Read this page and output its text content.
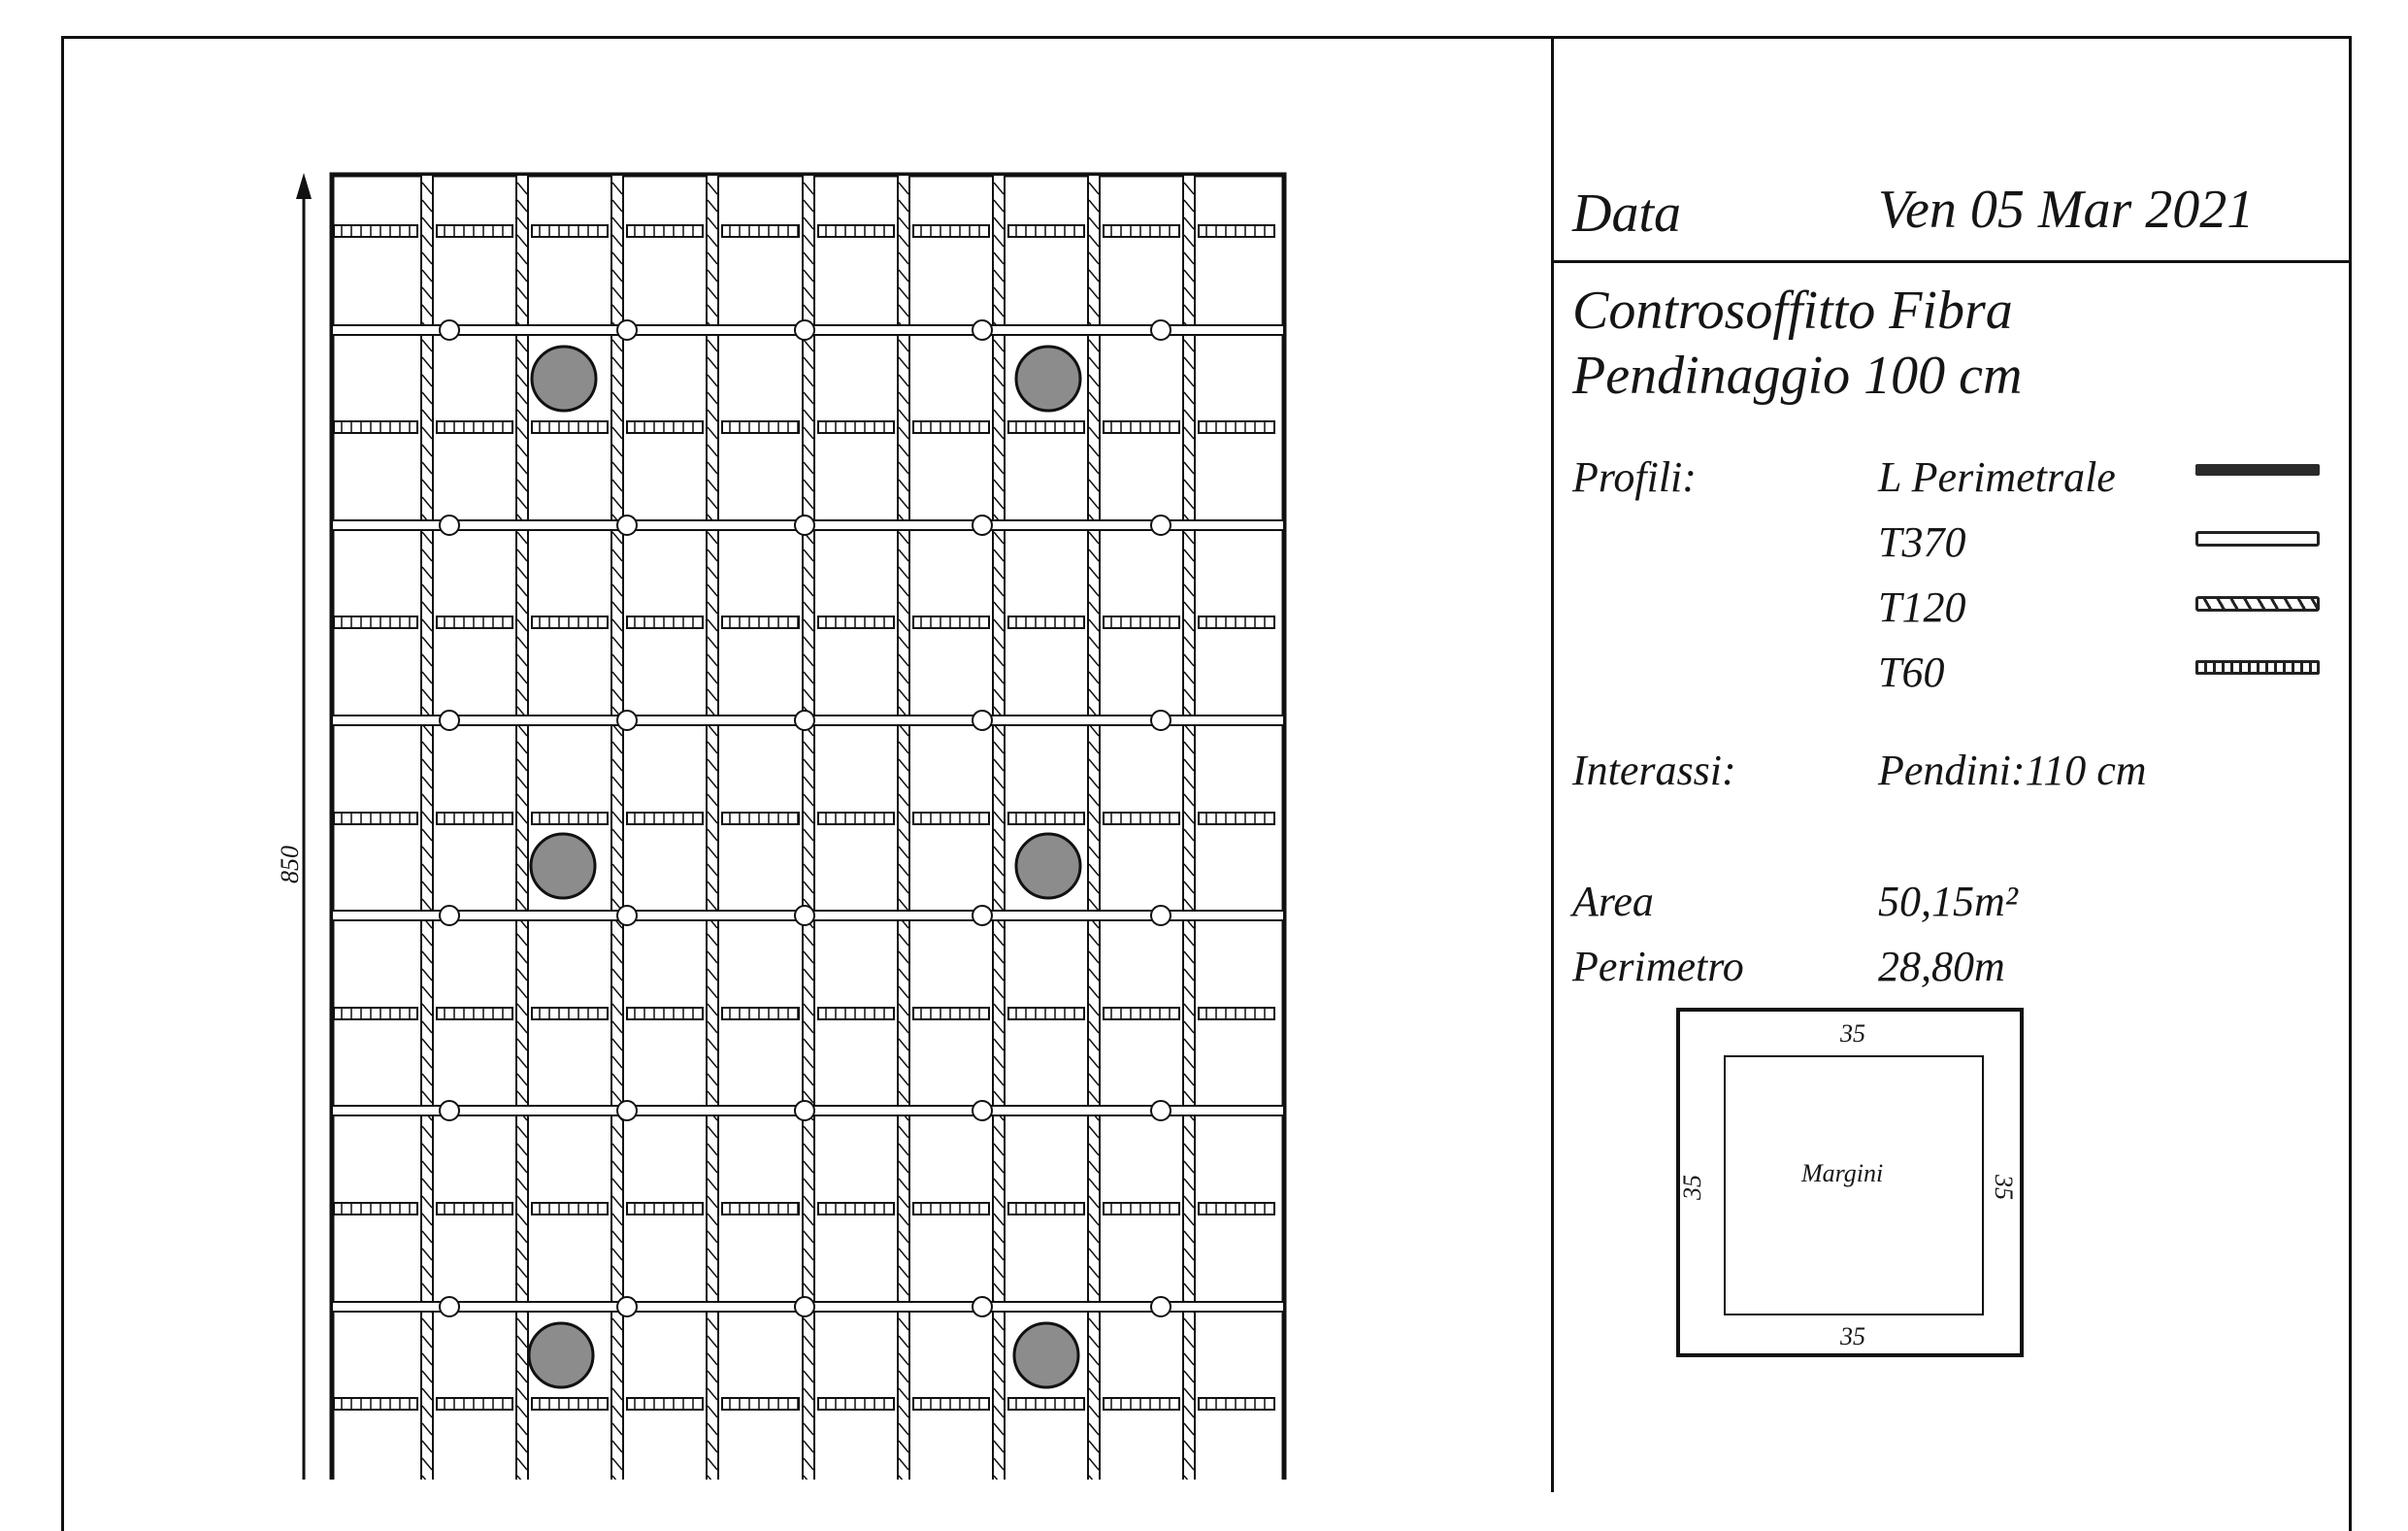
850
Data	Ven 05 Mar 2021
Controsoffitto Fibra
Pendinaggio 100 cm
Profili:	L Perimetrale
T370
T120
T60
Interassi:	Pendini:110 cm
Area	50,15m²
Perimetro	28,80m
35
35
35	35
Margini
